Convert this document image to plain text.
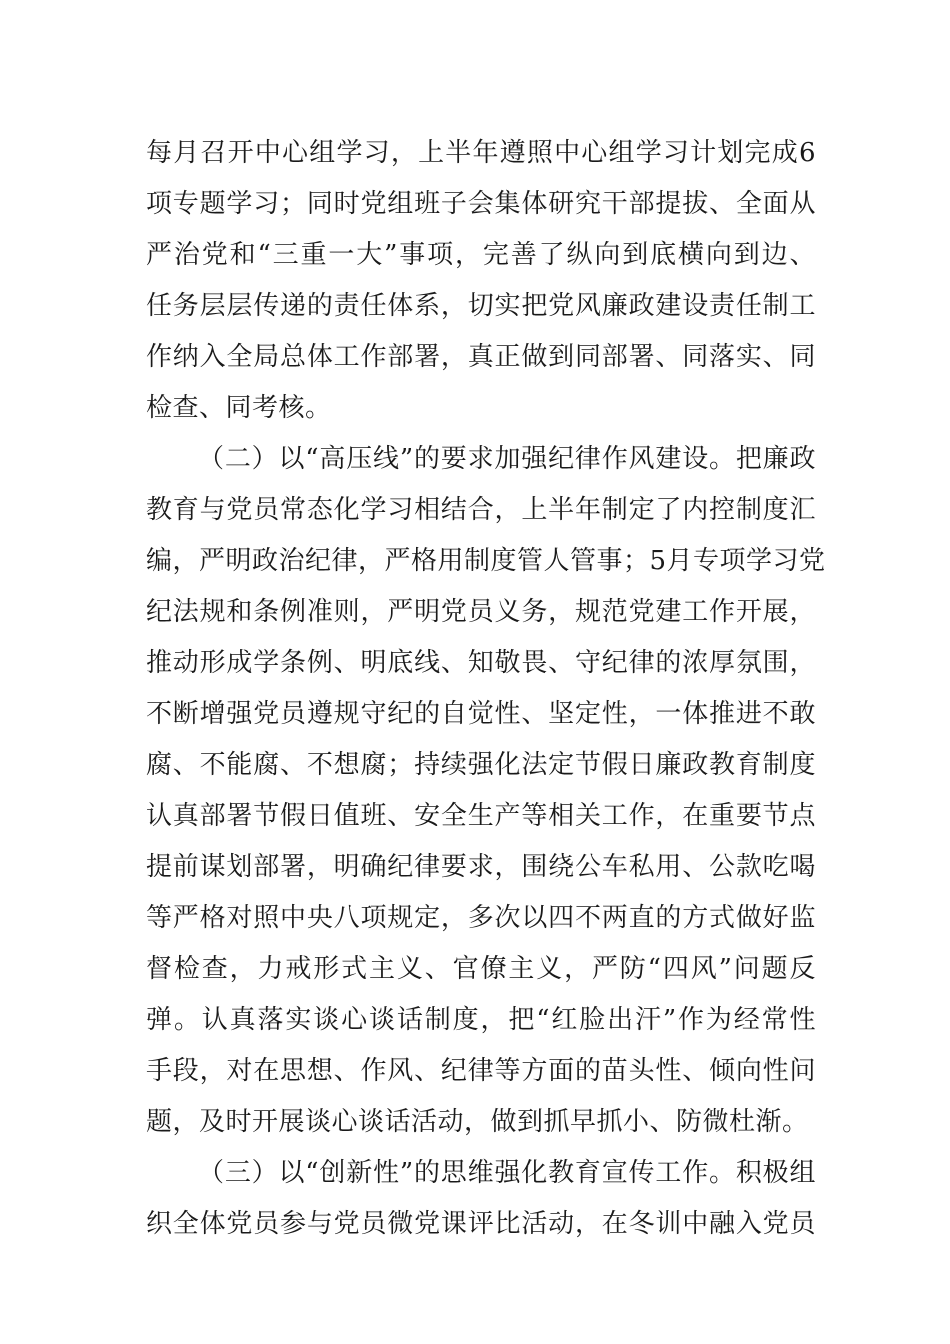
每月召开中心组学习，上半年遵照中心组学习计划完成6
项专题学习；同时党组班子会集体研究干部提拔、全面从
严治党和“三重一大”事项，完善了纵向到底横向到边、
任务层层传递的责任体系，切实把党风廉政建设责任制工
作纳入全局总体工作部署，真正做到同部署、同落实、同
检查、同考核。
（二）以“高压线”的要求加强纪律作风建设。把廉政
教育与党员常态化学习相结合，上半年制定了内控制度汇
编，严明政治纪律，严格用制度管人管事；5月专项学习党
纪法规和条例准则，严明党员义务，规范党建工作开展，
推动形成学条例、明底线、知敬畏、守纪律的浓厚氛围，
不断增强党员遵规守纪的自觉性、坚定性，一体推进不敢
腐、不能腐、不想腐；持续强化法定节假日廉政教育制度
认真部署节假日值班、安全生产等相关工作，在重要节点
提前谋划部署，明确纪律要求，围绕公车私用、公款吃喝
等严格对照中央八项规定，多次以四不两直的方式做好监
督检查，力戒形式主义、官僚主义，严防“四风”问题反
弹。认真落实谈心谈话制度，把“红脸出汗”作为经常性
手段，对在思想、作风、纪律等方面的苗头性、倾向性问
题，及时开展谈心谈话活动，做到抓早抓小、防微杜渐。
（三）以“创新性”的思维强化教育宣传工作。积极组
织全体党员参与党员微党课评比活动，在冬训中融入党员
